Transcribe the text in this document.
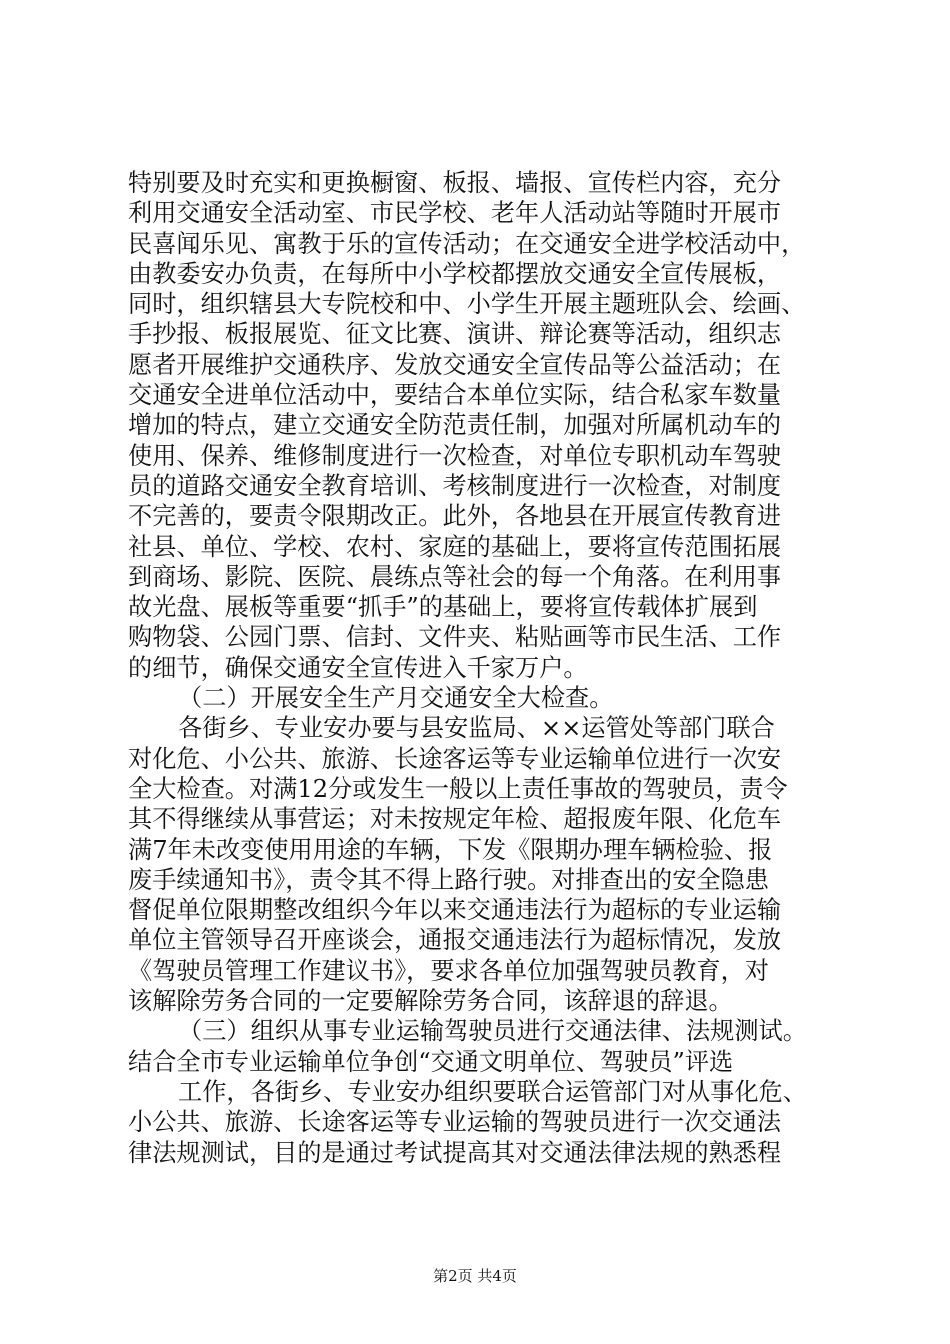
特别要及时充实和更换橱窗、板报、墙报、宣传栏内容，充分
利用交通安全活动室、市民学校、老年人活动站等随时开展市
民喜闻乐见、寓教于乐的宣传活动；在交通安全进学校活动中，
由教委安办负责，在每所中小学校都摆放交通安全宣传展板，
同时，组织辖县大专院校和中、小学生开展主题班队会、绘画、
手抄报、板报展览、征文比赛、演讲、辩论赛等活动，组织志
愿者开展维护交通秩序、发放交通安全宣传品等公益活动；在
交通安全进单位活动中，要结合本单位实际，结合私家车数量
增加的特点，建立交通安全防范责任制，加强对所属机动车的
使用、保养、维修制度进行一次检查，对单位专职机动车驾驶
员的道路交通安全教育培训、考核制度进行一次检查，对制度
不完善的，要责令限期改正。此外，各地县在开展宣传教育进
社县、单位、学校、农村、家庭的基础上，要将宣传范围拓展
到商场、影院、医院、晨练点等社会的每一个角落。在利用事
故光盘、展板等重要“抓手”的基础上，要将宣传载体扩展到
购物袋、公园门票、信封、文件夹、粘贴画等市民生活、工作
的细节，确保交通安全宣传进入千家万户。
（二）开展安全生产月交通安全大检查。
各街乡、专业安办要与县安监局、××运管处等部门联合
对化危、小公共、旅游、长途客运等专业运输单位进行一次安
全大检查。对满12分或发生一般以上责任事故的驾驶员，责令
其不得继续从事营运；对未按规定年检、超报废年限、化危车
满7年未改变使用用途的车辆，下发《限期办理车辆检验、报
废手续通知书》，责令其不得上路行驶。对排查出的安全隐患
督促单位限期整改组织今年以来交通违法行为超标的专业运输
单位主管领导召开座谈会，通报交通违法行为超标情况，发放
《驾驶员管理工作建议书》，要求各单位加强驾驶员教育，对
该解除劳务合同的一定要解除劳务合同，该辞退的辞退。
（三）组织从事专业运输驾驶员进行交通法律、法规测试。
结合全市专业运输单位争创“交通文明单位、驾驶员”评选
工作，各街乡、专业安办组织要联合运管部门对从事化危、
小公共、旅游、长途客运等专业运输的驾驶员进行一次交通法
律法规测试，目的是通过考试提高其对交通法律法规的熟悉程
第2页 共4页
